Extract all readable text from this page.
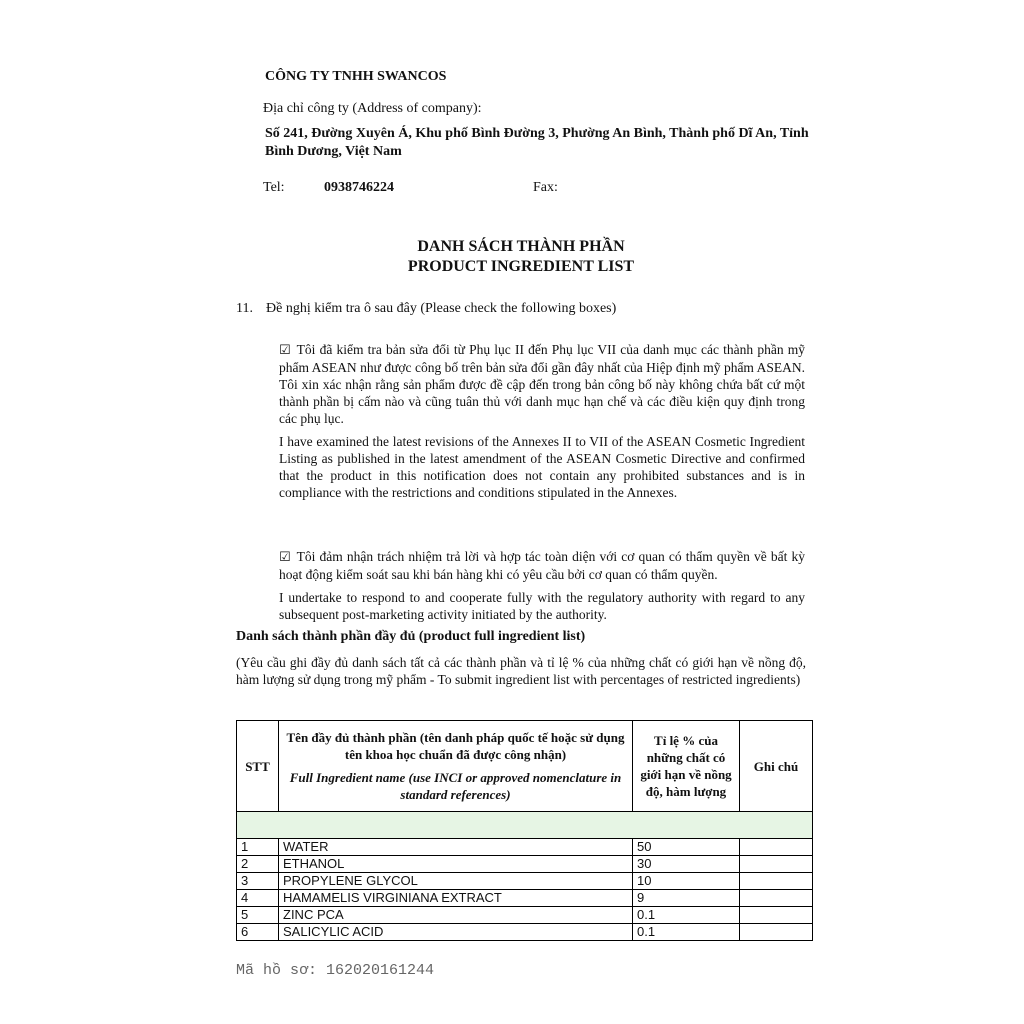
CÔNG TY TNHH SWANCOS
Địa chỉ công ty (Address of company):
Số 241, Đường Xuyên Á, Khu phố Bình Đường 3, Phường An Bình, Thành phố Dĩ An, Tỉnh Bình Dương, Việt Nam
Tel:	0938746224	Fax:
DANH SÁCH THÀNH PHẦN
PRODUCT INGREDIENT LIST
11. Đề nghị kiểm tra ô sau đây (Please check the following boxes)
☑ Tôi đã kiểm tra bản sửa đổi từ Phụ lục II đến Phụ lục VII của danh mục các thành phần mỹ phẩm ASEAN như được công bố trên bản sửa đổi gần đây nhất của Hiệp định mỹ phẩm ASEAN. Tôi xin xác nhận rằng sản phẩm được đề cập đến trong bản công bố này không chứa bất cứ một thành phần bị cấm nào và cũng tuân thủ với danh mục hạn chế và các điều kiện quy định trong các phụ lục.
I have examined the latest revisions of the Annexes II to VII of the ASEAN Cosmetic Ingredient Listing as published in the latest amendment of the ASEAN Cosmetic Directive and confirmed that the product in this notification does not contain any prohibited substances and is in compliance with the restrictions and conditions stipulated in the Annexes.
☑ Tôi đảm nhận trách nhiệm trả lời và hợp tác toàn diện với cơ quan có thẩm quyền về bất kỳ hoạt động kiểm soát sau khi bán hàng khi có yêu cầu bởi cơ quan có thẩm quyền.
I undertake to respond to and cooperate fully with the regulatory authority with regard to any subsequent post-marketing activity initiated by the authority.
Danh sách thành phần đầy đủ (product full ingredient list)
(Yêu cầu ghi đầy đủ danh sách tất cả các thành phần và tỉ lệ % của những chất có giới hạn về nồng độ, hàm lượng sử dụng trong mỹ phẩm - To submit ingredient list with percentages of restricted ingredients)
STT	Tên đầy đủ thành phần (tên danh pháp quốc tế hoặc sử dụng tên khoa học chuẩn đã được công nhận)
Full Ingredient name (use INCI or approved nomenclature in standard references)	Tỉ lệ % của những chất có giới hạn về nồng độ, hàm lượng	Ghi chú

1	WATER	50	
2	ETHANOL	30	
3	PROPYLENE GLYCOL	10	
4	HAMAMELIS VIRGINIANA EXTRACT	9	
5	ZINC PCA	0.1	
6	SALICYLIC ACID	0.1	
Mã hồ sơ: 162020161244
